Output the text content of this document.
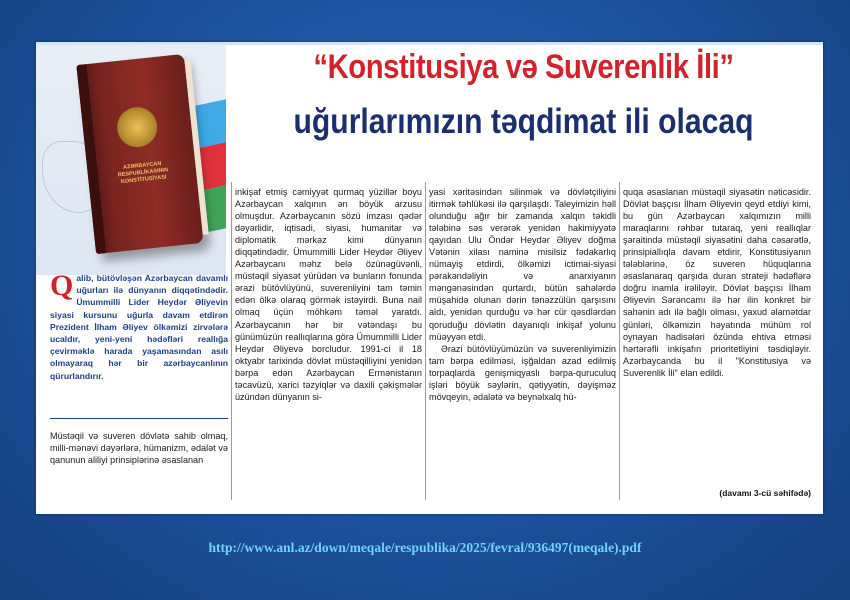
AZƏRBAYCAN RESPUBLİKASININ KONSTİTUSİYASI
“Konstitusiya və Suverenlik İli”
uğurlarımızın təqdimat ili olacaq
Qalib, bütövləşən Azərbaycan davamlı uğurları ilə dünyanın diqqətindədir. Ümummilli Lider Heydər Əliyevin siyasi kursunu uğurla davam etdirən Prezident İlham Əliyev ölkəmizi zirvələrə ucaldır, yeni-yeni hədəfləri reallığa çevirməklə harada yaşamasından asılı olmayaraq hər bir azərbaycanlının qürurlandırır.

Müstəqil və suveren dövlətə sahib olmaq, milli-mənəvi dəyərlərə, hümanizm, ədalət və qanunun aliliyi prinsiplərinə əsaslanan

inkişaf etmiş cəmiyyət qurmaq yüzillər boyu Azərbaycan xalqının ən böyük arzusu olmuşdur. Azərbaycanın sözü imzası qədər dəyərlidir, iqtisadi, siyasi, humanitar və diplomatik mərkəz kimi dünyanın diqqətindədir. Ümummilli Lider Heydər Əliyev Azərbaycanı məhz belə özünəgüvənli, müstəqil siyasət yürüdən və bunların fonunda ərazi bütövlüyünü, suverenliyini tam təmin edən ölkə olaraq görmək istəyirdi. Buna nail olmaq üçün möhkəm təməl yaratdı. Azərbaycanın hər bir vətəndaşı bu günümüzün reallıqlarına görə Ümummilli Lider Heydər Əliyevə borcludur. 1991-ci il 18 oktyabr tarixində dövlət müstəqilliyini yenidən bərpa edən Azərbaycan Ermənistanın təcavüzü, xarici təzyiqlər və daxili çəkişmələr üzündən dünyanın si-

yasi xəritəsindən silinmək və dövlətçiliyini itirmək təhlükəsi ilə qarşılaşdı. Taleyimizin həll olunduğu ağır bir zamanda xalqın təkidli tələbinə səs verərək yenidən hakimiyyətə qayıdan Ulu Öndər Heydər Əliyev doğma Vətənin xilası naminə misilsiz fədakarlıq nümayiş etdirdi, ölkəmizi ictimai-siyasi pərakəndəliyin və anarxiyanın məngənəsindən qurtardı, bütün sahələrdə müşahidə olunan dərin tənəzzülün qarşısını aldı, yenidən qurduğu və hər cür qəsdlərdən qoruduğu dövlətin dayanıqlı inkişaf yolunu müəyyən etdi.

Ərazi bütövlüyümüzün və suverenliyimizin tam bərpa edilməsi, işğaldan azad edilmiş torpaqlarda genişmiqyaslı bərpa-quruculuq işləri böyük səylərin, qətiyyətin, dəyişməz mövqeyin, ədalətə və beynəlxalq hü-

quqa əsaslanan müstəqil siyasətin nəticəsidir. Dövlət başçısı İlham Əliyevin qeyd etdiyi kimi, bu gün Azərbaycan xalqımızın milli maraqlarını rəhbər tutaraq, yeni reallıqlar şəraitində müstəqil siyasətini daha cəsarətlə, prinsipiallıqla davam etdirir, Konstitusiyanın tələblərinə, öz suveren hüquqlarına əsaslanaraq qarşıda duran strateji hədəflərə doğru inamla irəliləyir. Dövlət başçısı İlham Əliyevin Sərəncamı ilə hər ilin konkret bir sahənin adı ilə bağlı olması, yaxud əlamətdar günləri, ölkəmizin həyatında mühüm rol oynayan hadisələri özündə ehtiva etməsi hərtərəfli inkişafın prioritetliyini təsdiqləyir. Azərbaycanda bu il "Konstitusiya və Suverenlik İli" elan edildi.

(davamı 3-cü səhifədə)
http://www.anl.az/down/meqale/respublika/2025/fevral/936497(meqale).pdf
